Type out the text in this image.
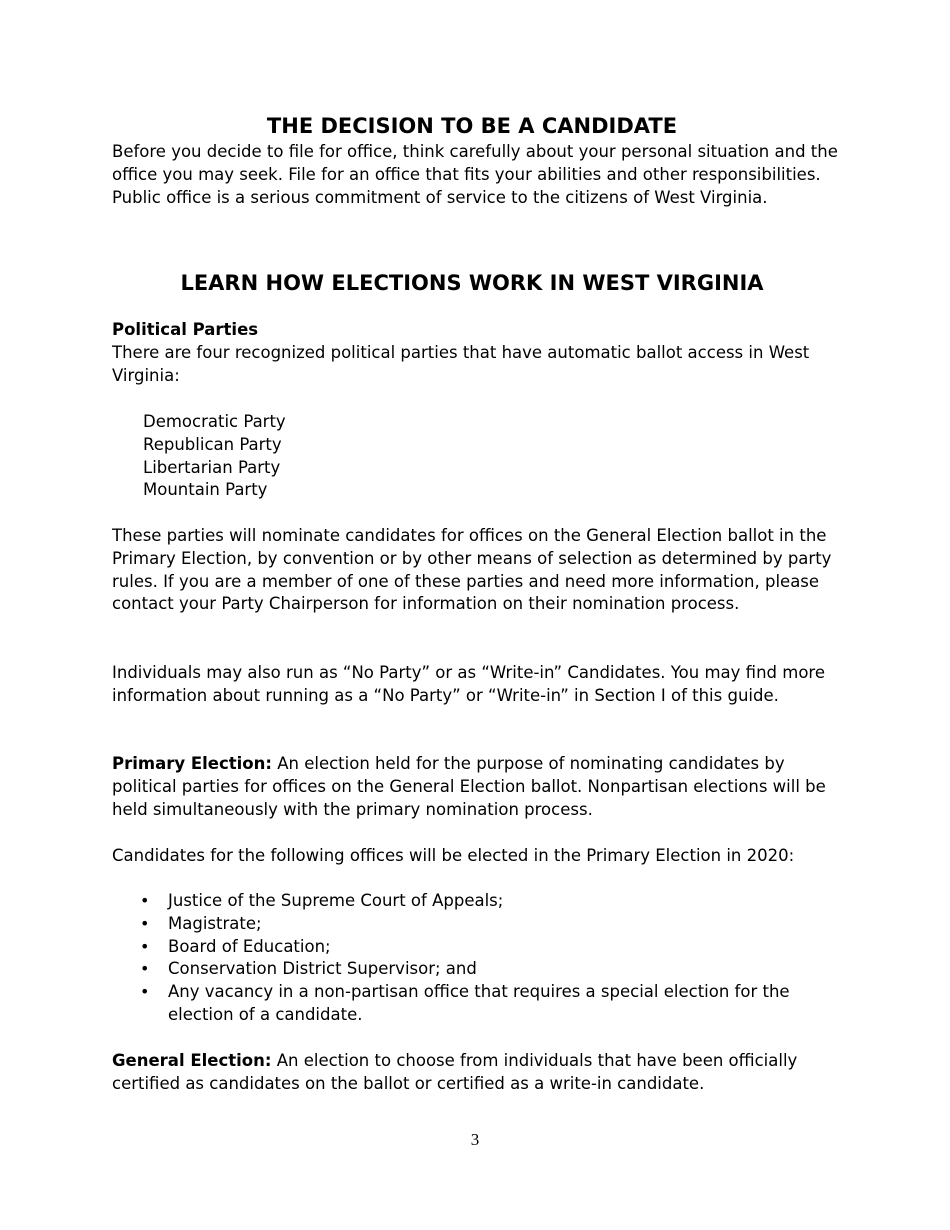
THE DECISION TO BE A CANDIDATE

Before you decide to file for office, think carefully about your personal situation and the office you may seek. File for an office that fits your abilities and other responsibilities. Public office is a serious commitment of service to the citizens of West Virginia.

LEARN HOW ELECTIONS WORK IN WEST VIRGINIA

Political Parties

There are four recognized political parties that have automatic ballot access in West Virginia:

Democratic Party
Republican Party
Libertarian Party
Mountain Party

These parties will nominate candidates for offices on the General Election ballot in the Primary Election, by convention or by other means of selection as determined by party rules. If you are a member of one of these parties and need more information, please contact your Party Chairperson for information on their nomination process.

Individuals may also run as “No Party” or as “Write-in” Candidates. You may find more information about running as a “No Party” or “Write-in” in Section I of this guide.

Primary Election: An election held for the purpose of nominating candidates by political parties for offices on the General Election ballot. Nonpartisan elections will be held simultaneously with the primary nomination process.

Candidates for the following offices will be elected in the Primary Election in 2020:

• Justice of the Supreme Court of Appeals;
• Magistrate;
• Board of Education;
• Conservation District Supervisor; and
• Any vacancy in a non-partisan office that requires a special election for the election of a candidate.

General Election: An election to choose from individuals that have been officially certified as candidates on the ballot or certified as a write-in candidate.

3
